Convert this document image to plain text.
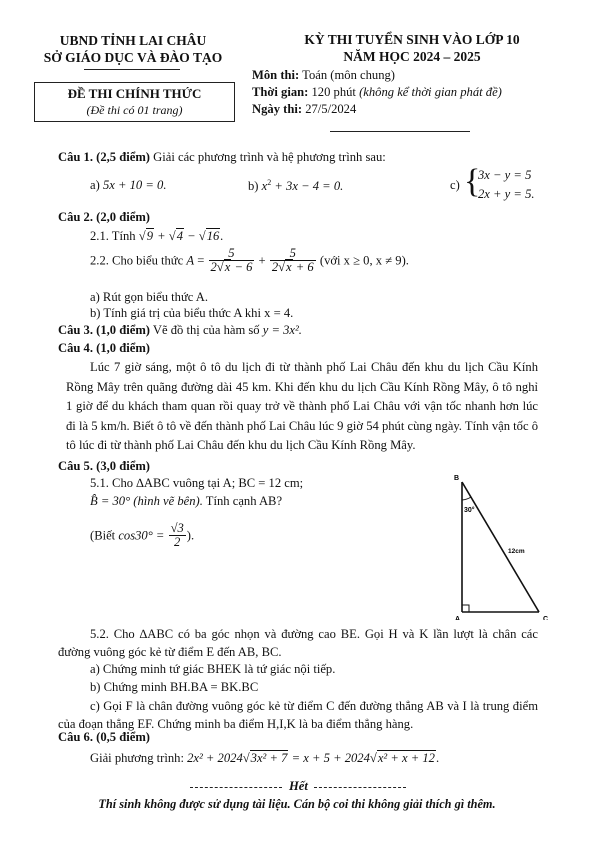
UBND TỈNH LAI CHÂU
SỞ GIÁO DỤC VÀ ĐÀO TẠO
ĐỀ THI CHÍNH THỨC
(Đề thi có 01 trang)
KỲ THI TUYỂN SINH VÀO LỚP 10
NĂM HỌC 2024 – 2025
Môn thi: Toán (môn chung)
Thời gian: 120 phút (không kể thời gian phát đề)
Ngày thi: 27/5/2024
Câu 1. (2,5 điểm) Giải các phương trình và hệ phương trình sau:
a) 5x + 10 = 0.	b) $x^2 + 3x - 4 = 0$.	c) {
3x − y = 5
2x + y = 5.
Câu 2. (2,0 điểm)
2.1. Tính √9 + √4 − √16.
2.2. Cho biểu thức $A = \frac{5}{2√x - 6} + \frac{5}{2√x + 6}$ (với x ≥ 0, x ≠ 9).
a) Rút gọn biểu thức A.
b) Tính giá trị của biểu thức A khi x = 4.
Câu 3. (1,0 điểm) Vẽ đồ thị của hàm số y = 3x².
Câu 4. (1,0 điểm)
Lúc 7 giờ sáng, một ô tô du lịch đi từ thành phố Lai Châu đến khu du lịch Cầu Kính Rồng Mây trên quãng đường dài 45 km. Khi đến khu du lịch Cầu Kính Rồng Mây, ô tô nghỉ 1 giờ để du khách tham quan rồi quay trở về thành phố Lai Châu với vận tốc nhanh hơn lúc đi là 5 km/h. Biết ô tô về đến thành phố Lai Châu lúc 9 giờ 54 phút cùng ngày. Tính vận tốc ô tô lúc đi từ thành phố Lai Châu đến khu du lịch Cầu Kính Rồng Mây.
Câu 5. (3,0 điểm)
5.1. Cho ∆ABC vuông tại A; BC = 12 cm;
B̂ = 30° (hình vẽ bên). Tính cạnh AB?
(Biết $\cos 30^\circ = \frac{√3}{2}$ ).
B
A	C
30°
12cm
5.2. Cho ∆ABC có ba góc nhọn và đường cao BE. Gọi H và K lần lượt là chân các đường vuông góc kẻ từ điểm E đến AB, BC.
a) Chứng minh tứ giác BHEK là tứ giác nội tiếp.
b) Chứng minh BH.BA = BK.BC
c) Gọi F là chân đường vuông góc kẻ từ điểm C đến đường thẳng AB và I là trung điểm của đoạn thẳng EF. Chứng minh ba điểm H,I,K là ba điểm thẳng hàng.
Câu 6. (0,5 điểm)
Giải phương trình: 2x² + 2024√3x² + 7 = x + 5 + 2024√x² + x + 12.
Hết
Thí sinh không được sử dụng tài liệu. Cán bộ coi thi không giải thích gì thêm.
